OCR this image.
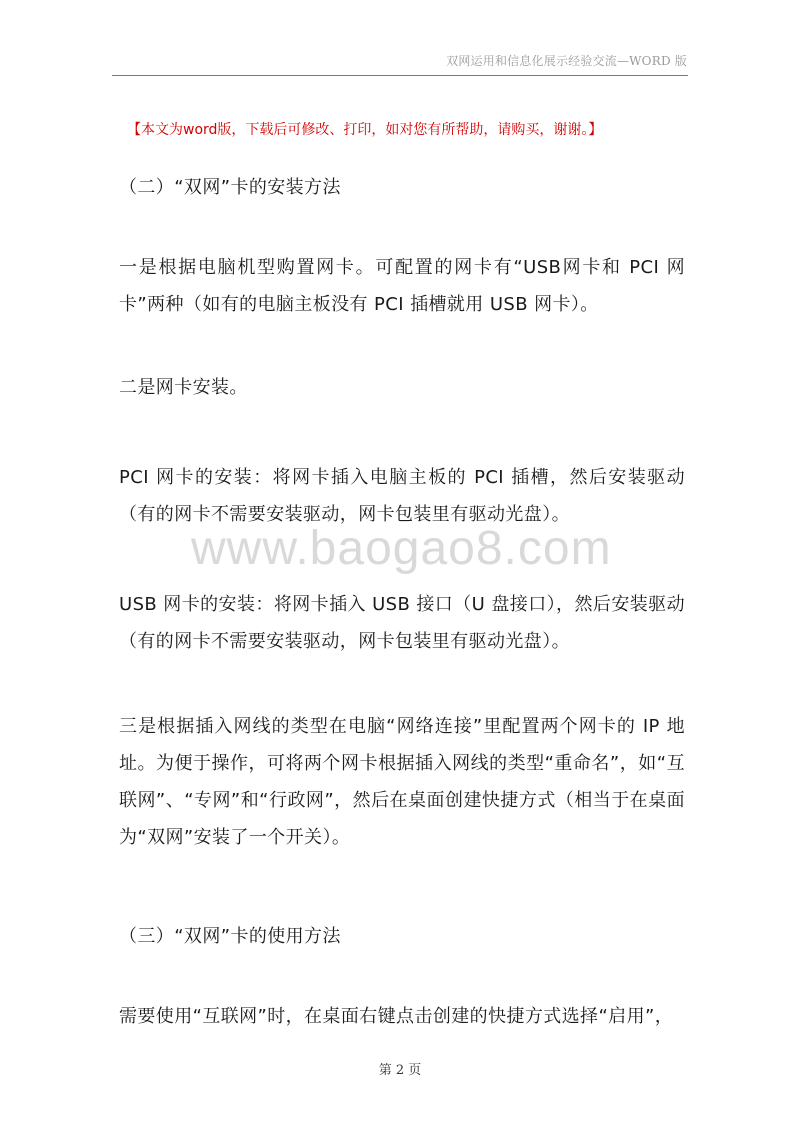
双网运用和信息化展示经验交流—WORD 版
【本文为word版，下载后可修改、打印，如对您有所帮助，请购买，谢谢。】

（二）“双网”卡的安装方法

一是根据电脑机型购置网卡。可配置的网卡有“USB网卡和 PCI 网卡”两种（如有的电脑主板没有 PCI 插槽就用 USB 网卡）。

二是网卡安装。

PCI 网卡的安装：将网卡插入电脑主板的 PCI 插槽，然后安装驱动（有的网卡不需要安装驱动，网卡包装里有驱动光盘）。

www.baogao8.com

USB 网卡的安装：将网卡插入 USB 接口（U 盘接口），然后安装驱动（有的网卡不需要安装驱动，网卡包装里有驱动光盘）。

三是根据插入网线的类型在电脑“网络连接”里配置两个网卡的 IP 地址。为便于操作，可将两个网卡根据插入网线的类型“重命名”，如“互联网”、“专网”和“行政网”，然后在桌面创建快捷方式（相当于在桌面为“双网”安装了一个开关）。

（三）“双网”卡的使用方法

需要使用“互联网”时，在桌面右键点击创建的快捷方式选择“启用”，

第 2 页
